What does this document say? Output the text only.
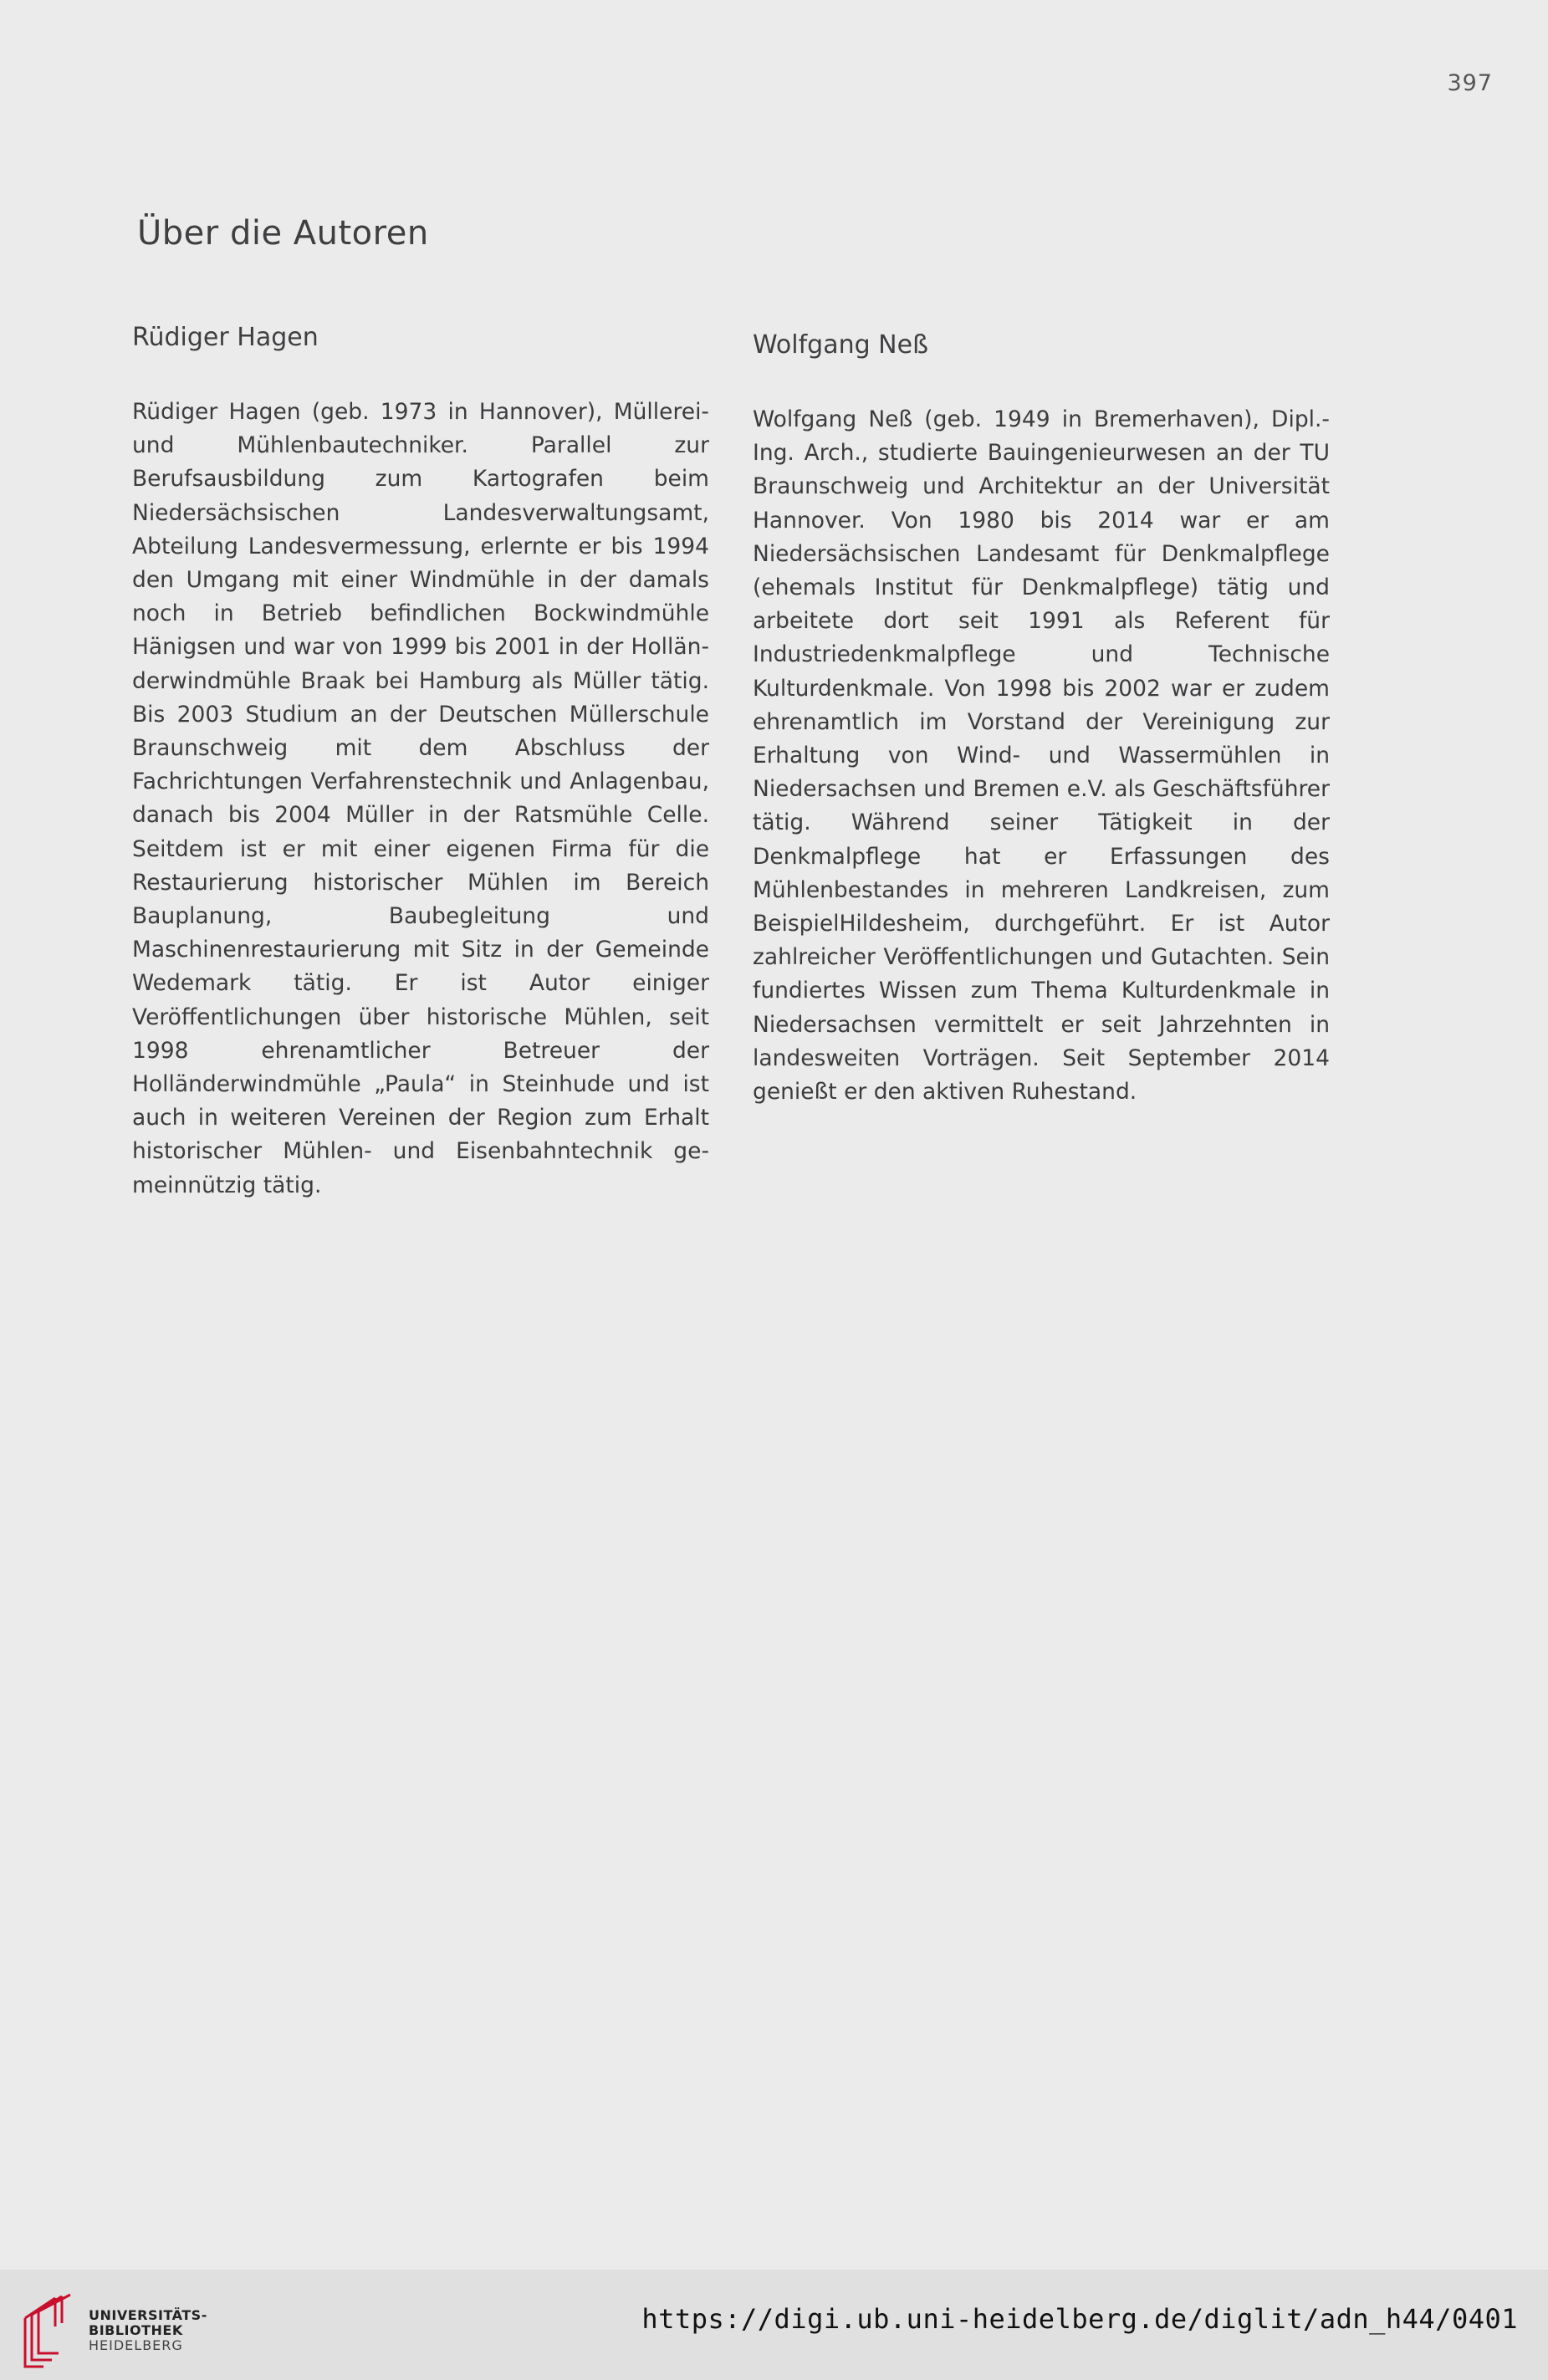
397
Über die Autoren
Rüdiger Hagen

Rüdiger Hagen (geb. 1973 in Hannover), Müllerei- und Mühlenbautechniker. Parallel zur Berufsausbildung zum Kartografen beim Niedersächsischen Landesverwaltungsamt, Abteilung Landesvermessung, erlernte er bis 1994 den Umgang mit einer Windmühle in der damals noch in Betrieb befindlichen Bockwindmühle Hänigsen und war von 1999 bis 2001 in der Holländerwindmühle Braak bei Hamburg als Müller tätig. Bis 2003 Studium an der Deutschen Müllerschule Braunschweig mit dem Abschluss der Fachrichtungen Verfahrenstechnik und Anlagenbau, danach bis 2004 Müller in der Ratsmühle Celle. Seitdem ist er mit einer eigenen Firma für die Restaurierung historischer Mühlen im Bereich Bauplanung, Baubegleitung und Maschinenrestaurierung mit Sitz in der Gemeinde Wedemark tätig. Er ist Autor einiger Veröffentlichungen über historische Mühlen, seit 1998 ehrenamtlicher Betreuer der Holländerwindmühle „Paula“ in Steinhude und ist auch in weiteren Vereinen der Region zum Erhalt historischer Mühlen- und Eisenbahntechnik gemeinnützig tätig.

Wolfgang Neß

Wolfgang Neß (geb. 1949 in Bremerhaven), Dipl.-Ing. Arch., studierte Bauingenieurwesen an der TU Braunschweig und Architektur an der Universität Hannover. Von 1980 bis 2014 war er am Niedersächsischen Landesamt für Denkmalpflege (ehemals Institut für Denkmalpflege) tätig und arbeitete dort seit 1991 als Referent für Industriedenkmalpflege und Technische Kulturdenkmale. Von 1998 bis 2002 war er zudem ehrenamtlich im Vorstand der Vereinigung zur Erhaltung von Wind- und Wassermühlen in Niedersachsen und Bremen e.V. als Geschäftsführer tätig. Während seiner Tätigkeit in der Denkmalpflege hat er Erfassungen des Mühlenbestandes in mehreren Landkreisen, zum BeispielHildesheim, durchgeführt. Er ist Autor zahlreicher Veröffentlichungen und Gutachten. Sein fundiertes Wissen zum Thema Kulturdenkmale in Niedersachsen vermittelt er seit Jahrzehnten in landesweiten Vorträgen. Seit September 2014 genießt er den aktiven Ruhestand.

UNIVERSITÄTS-
BIBLIOTHEK
HEIDELBERG
https://digi.ub.uni-heidelberg.de/diglit/adn_h44/0401
